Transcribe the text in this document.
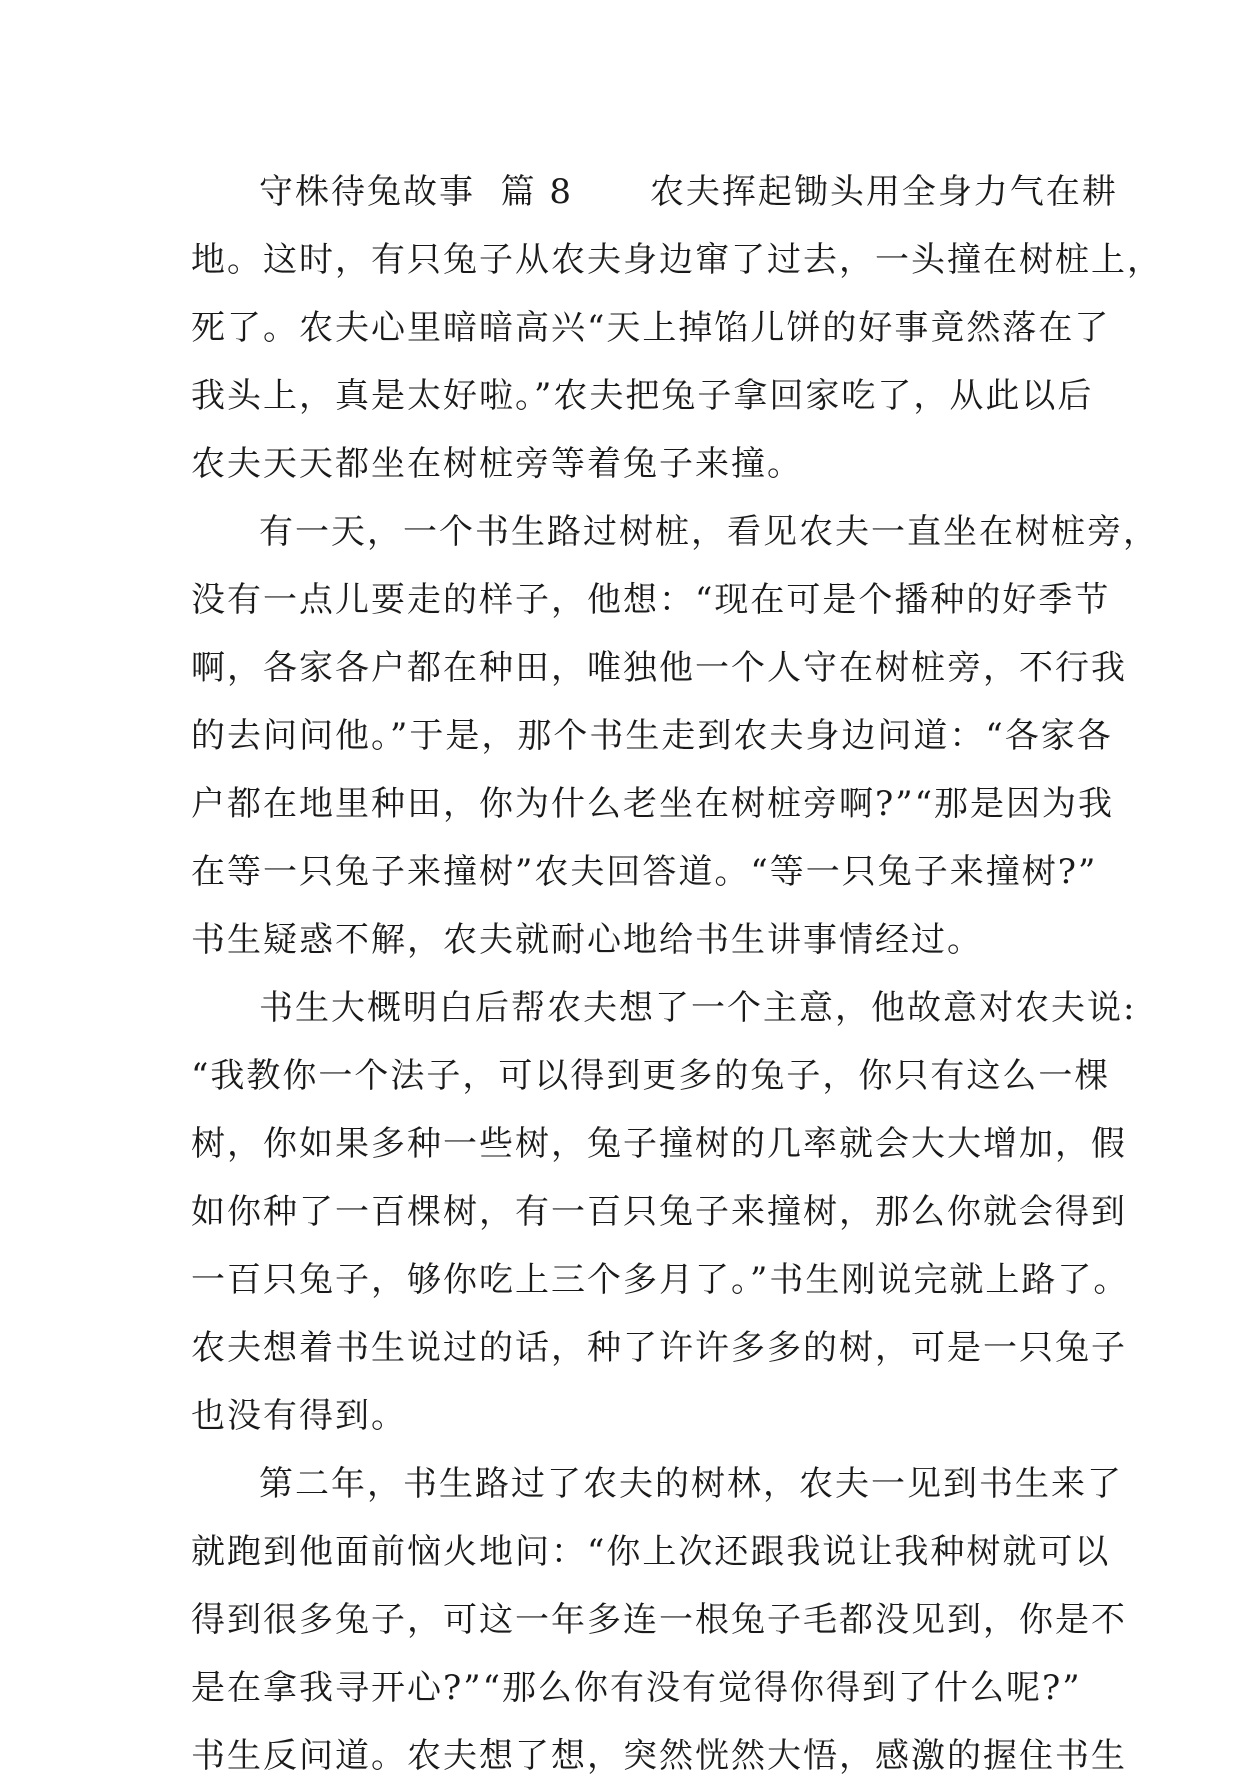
守株待兔故事  篇 8      农夫挥起锄头用全身力气在耕
地。这时，有只兔子从农夫身边窜了过去，一头撞在树桩上，
死了。农夫心里暗暗高兴“天上掉馅儿饼的好事竟然落在了
我头上，真是太好啦。”农夫把兔子拿回家吃了，从此以后
农夫天天都坐在树桩旁等着兔子来撞。
有一天，一个书生路过树桩，看见农夫一直坐在树桩旁，
没有一点儿要走的样子，他想：“现在可是个播种的好季节
啊，各家各户都在种田，唯独他一个人守在树桩旁，不行我
的去问问他。”于是，那个书生走到农夫身边问道：“各家各
户都在地里种田，你为什么老坐在树桩旁啊?”“那是因为我
在等一只兔子来撞树”农夫回答道。“等一只兔子来撞树?”
书生疑惑不解，农夫就耐心地给书生讲事情经过。
书生大概明白后帮农夫想了一个主意，他故意对农夫说:
“我教你一个法子，可以得到更多的兔子，你只有这么一棵
树，你如果多种一些树，兔子撞树的几率就会大大增加，假
如你种了一百棵树，有一百只兔子来撞树，那么你就会得到
一百只兔子，够你吃上三个多月了。”书生刚说完就上路了。
农夫想着书生说过的话，种了许许多多的树，可是一只兔子
也没有得到。
第二年，书生路过了农夫的树林，农夫一见到书生来了
就跑到他面前恼火地问：“你上次还跟我说让我种树就可以
得到很多兔子，可这一年多连一根兔子毛都没见到，你是不
是在拿我寻开心?”“那么你有没有觉得你得到了什么呢?”
书生反问道。农夫想了想，突然恍然大悟，感激的握住书生
